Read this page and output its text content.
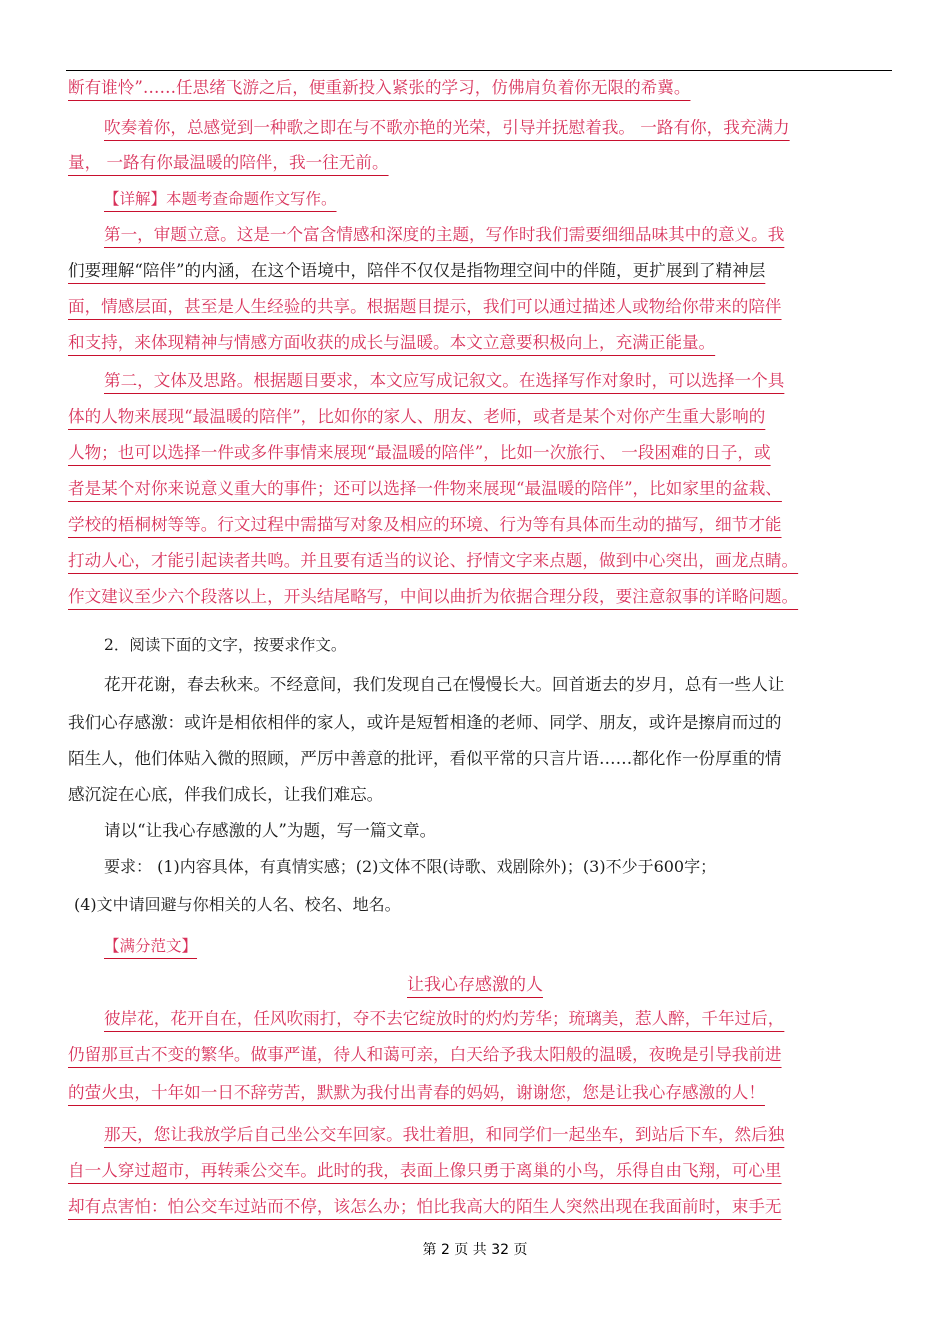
断有谁怜”……任思绪飞游之后，便重新投入紧张的学习，仿佛肩负着你无限的希冀。
吹奏着你，总感觉到一种歌之即在与不歌亦艳的光荣，引导并抚慰着我。 一路有你，我充满力
量， 一路有你最温暖的陪伴，我一往无前。
【详解】本题考查命题作文写作。
第一，审题立意。这是一个富含情感和深度的主题，写作时我们需要细细品味其中的意义。我
们要理解“陪伴”的内涵，在这个语境中，陪伴不仅仅是指物理空间中的伴随，更扩展到了精神层
面，情感层面，甚至是人生经验的共享。根据题目提示，我们可以通过描述人或物给你带来的陪伴
和支持，来体现精神与情感方面收获的成长与温暖。本文立意要积极向上，充满正能量。
第二，文体及思路。根据题目要求，本文应写成记叙文。在选择写作对象时，可以选择一个具
体的人物来展现“最温暖的陪伴”，比如你的家人、朋友、老师，或者是某个对你产生重大影响的
人物；也可以选择一件或多件事情来展现“最温暖的陪伴”，比如一次旅行、 一段困难的日子，或
者是某个对你来说意义重大的事件；还可以选择一件物来展现“最温暖的陪伴”，比如家里的盆栽、
学校的梧桐树等等。行文过程中需描写对象及相应的环境、行为等有具体而生动的描写，细节才能
打动人心，才能引起读者共鸣。并且要有适当的议论、抒情文字来点题，做到中心突出，画龙点睛。
作文建议至少六个段落以上，开头结尾略写，中间以曲折为依据合理分段，要注意叙事的详略问题。
2．阅读下面的文字，按要求作文。
花开花谢，春去秋来。不经意间，我们发现自己在慢慢长大。回首逝去的岁月，总有一些人让
我们心存感激：或许是相依相伴的家人，或许是短暂相逢的老师、同学、朋友，或许是擦肩而过的
陌生人，他们体贴入微的照顾，严厉中善意的批评，看似平常的只言片语……都化作一份厚重的情
感沉淀在心底，伴我们成长，让我们难忘。
请以“让我心存感激的人”为题，写一篇文章。
要求： (1)内容具体，有真情实感；(2)文体不限(诗歌、戏剧除外)；(3)不少于600字；
(4)文中请回避与你相关的人名、校名、地名。
【满分范文】
让我心存感激的人
彼岸花，花开自在，任风吹雨打，夺不去它绽放时的灼灼芳华；琉璃美，惹人醉，千年过后，
仍留那亘古不变的繁华。做事严谨，待人和蔼可亲，白天给予我太阳般的温暖，夜晚是引导我前进
的萤火虫，十年如一日不辞劳苦，默默为我付出青春的妈妈，谢谢您，您是让我心存感激的人！
那天，您让我放学后自己坐公交车回家。我壮着胆，和同学们一起坐车，到站后下车，然后独
自一人穿过超市，再转乘公交车。此时的我，表面上像只勇于离巢的小鸟，乐得自由飞翔，可心里
却有点害怕：怕公交车过站而不停，该怎么办；怕比我高大的陌生人突然出现在我面前时，束手无
第 2 页 共 32 页
